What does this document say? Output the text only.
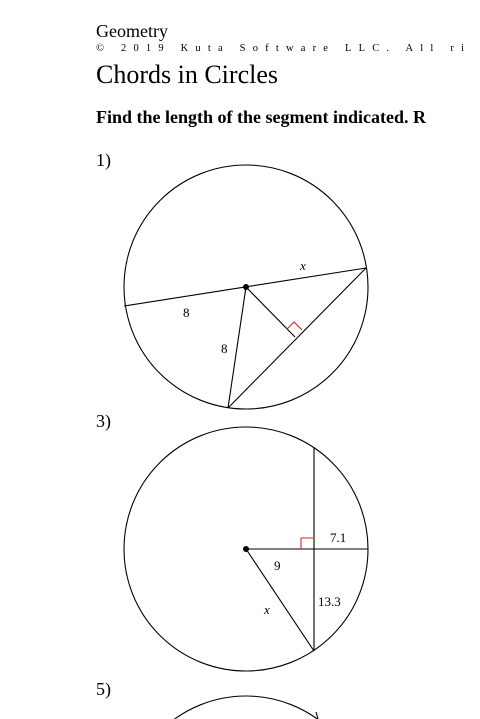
Geometry
© 2019 Kuta Software LLC. All ri
Chords in Circles
Find the length of the segment indicated. R
1)
3)
5)
x
8
8
7.1
9
13.3
x
